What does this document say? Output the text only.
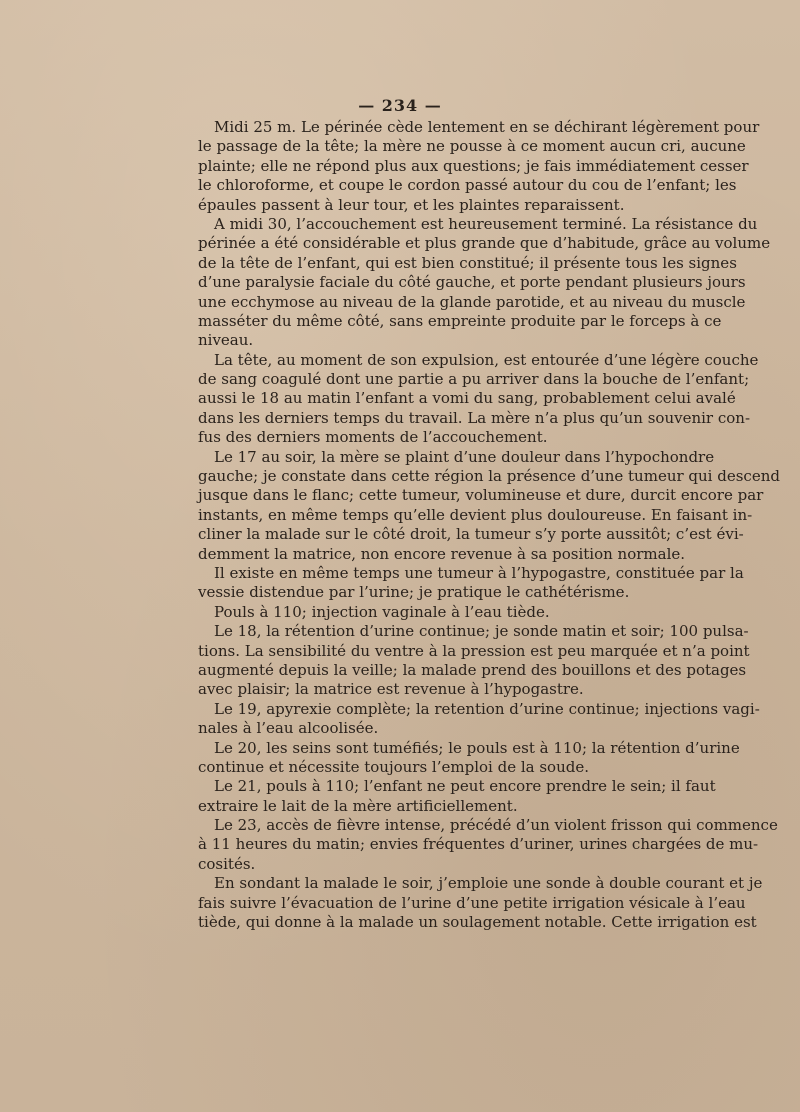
— 234 —
Midi 25 m. Le périnée cède lentement en se déchirant légèrement pour
le passage de la tête; la mère ne pousse à ce moment aucun cri, aucune
plainte; elle ne répond plus aux questions; je fais immédiatement cesser
le chloroforme, et coupe le cordon passé autour du cou de l’enfant; les
épaules passent à leur tour, et les plaintes reparaissent.
A midi 30, l’accouchement est heureusement terminé. La résistance du
périnée a été considérable et plus grande que d’habitude, grâce au volume
de la tête de l’enfant, qui est bien constitué; il présente tous les signes
d’une paralysie faciale du côté gauche, et porte pendant plusieurs jours
une ecchymose au niveau de la glande parotide, et au niveau du muscle
masséter du même côté, sans empreinte produite par le forceps à ce
niveau.
La tête, au moment de son expulsion, est entourée d’une légère couche
de sang coagulé dont une partie a pu arriver dans la bouche de l’enfant;
aussi le 18 au matin l’enfant a vomi du sang, probablement celui avalé
dans les derniers temps du travail. La mère n’a plus qu’un souvenir con-
fus des derniers moments de l’accouchement.
Le 17 au soir, la mère se plaint d’une douleur dans l’hypochondre
gauche; je constate dans cette région la présence d’une tumeur qui descend
jusque dans le flanc; cette tumeur, volumineuse et dure, durcit encore par
instants, en même temps qu’elle devient plus douloureuse. En faisant in-
cliner la malade sur le côté droit, la tumeur s’y porte aussitôt; c’est évi-
demment la matrice, non encore revenue à sa position normale.
Il existe en même temps une tumeur à l’hypogastre, constituée par la
vessie distendue par l’urine; je pratique le cathétérisme.
Pouls à 110; injection vaginale à l’eau tiède.
Le 18, la rétention d’urine continue; je sonde matin et soir; 100 pulsa-
tions. La sensibilité du ventre à la pression est peu marquée et n’a point
augmenté depuis la veille; la malade prend des bouillons et des potages
avec plaisir; la matrice est revenue à l’hypogastre.
Le 19, apyrexie complète; la retention d’urine continue; injections vagi-
nales à l’eau alcoolisée.
Le 20, les seins sont tuméfiés; le pouls est à 110; la rétention d’urine
continue et nécessite toujours l’emploi de la soude.
Le 21, pouls à 110; l’enfant ne peut encore prendre le sein; il faut
extraire le lait de la mère artificiellement.
Le 23, accès de fièvre intense, précédé d’un violent frisson qui commence
à 11 heures du matin; envies fréquentes d’uriner, urines chargées de mu-
cosités.
En sondant la malade le soir, j’emploie une sonde à double courant et je
fais suivre l’évacuation de l’urine d’une petite irrigation vésicale à l’eau
tiède, qui donne à la malade un soulagement notable. Cette irrigation est
